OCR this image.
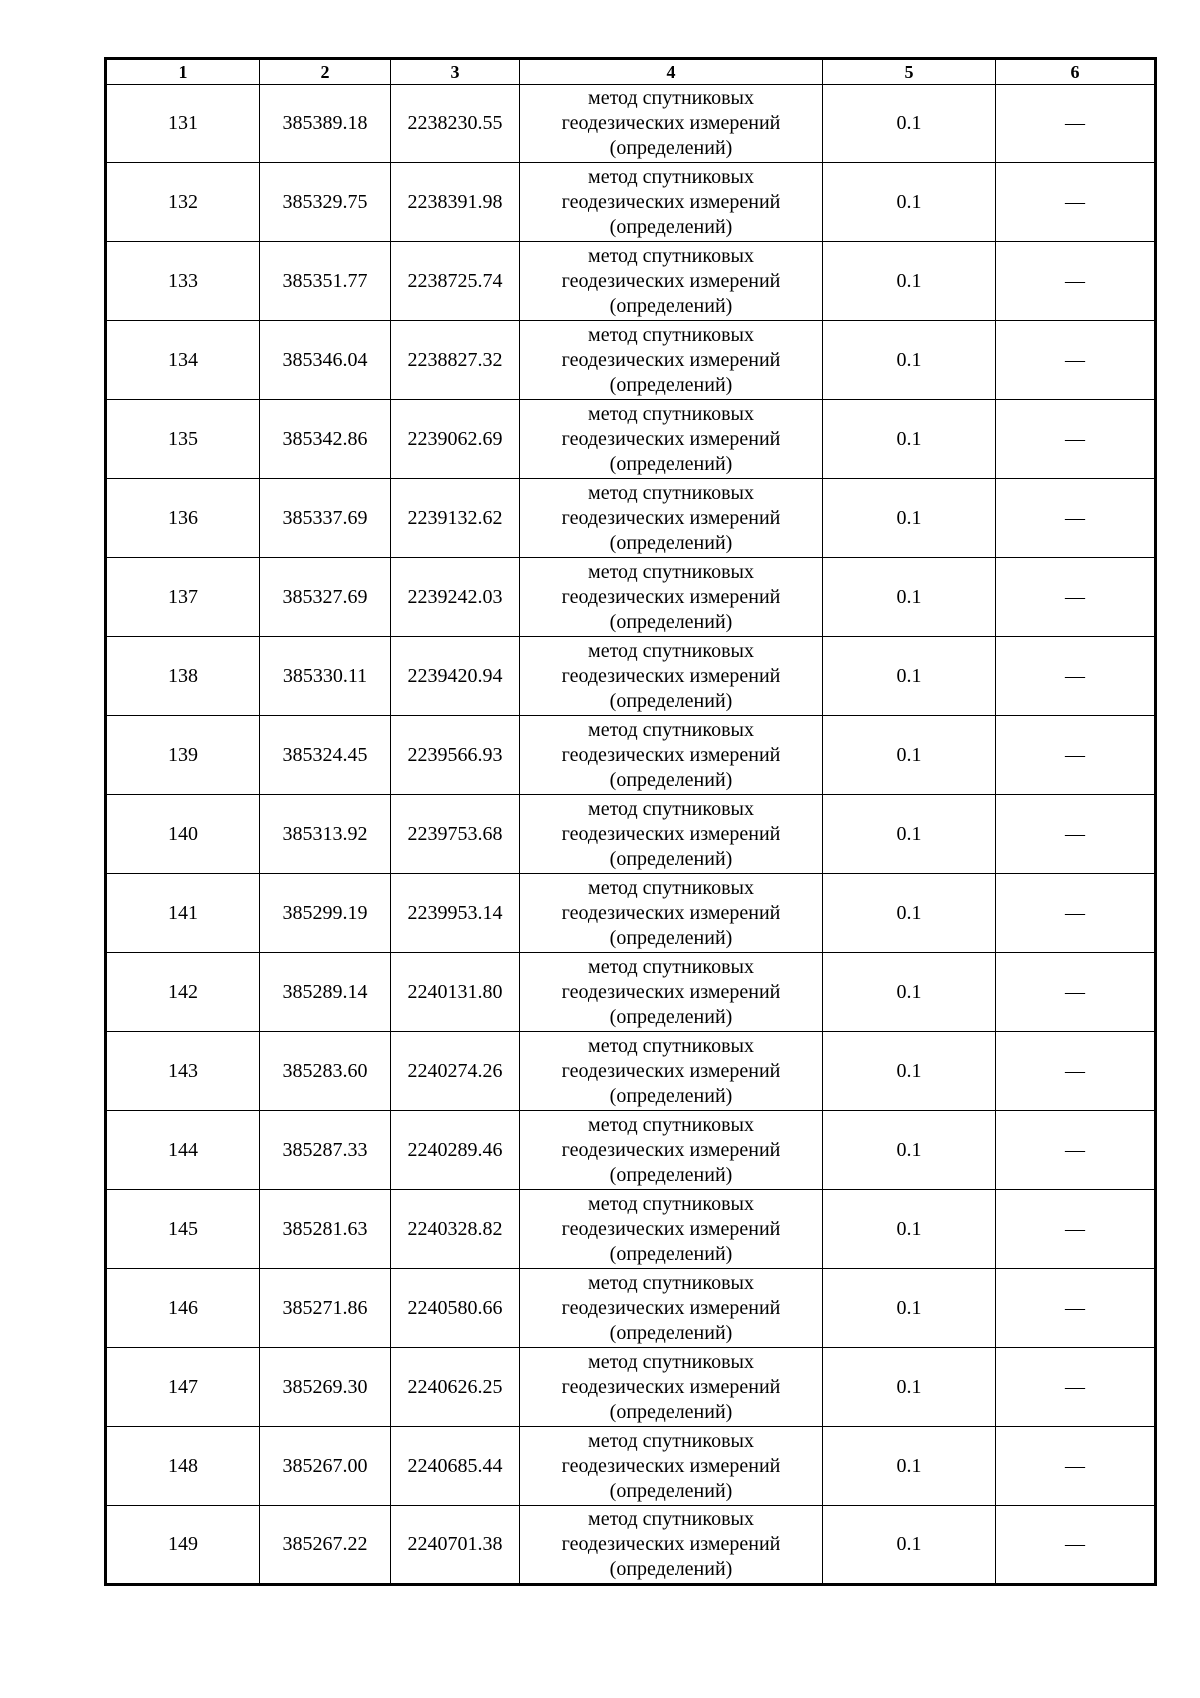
1	2	3	4	5	6
131	385389.18	2238230.55	метод спутниковых
геодезических измерений
(определений)	0.1	—
132	385329.75	2238391.98	метод спутниковых
геодезических измерений
(определений)	0.1	—
133	385351.77	2238725.74	метод спутниковых
геодезических измерений
(определений)	0.1	—
134	385346.04	2238827.32	метод спутниковых
геодезических измерений
(определений)	0.1	—
135	385342.86	2239062.69	метод спутниковых
геодезических измерений
(определений)	0.1	—
136	385337.69	2239132.62	метод спутниковых
геодезических измерений
(определений)	0.1	—
137	385327.69	2239242.03	метод спутниковых
геодезических измерений
(определений)	0.1	—
138	385330.11	2239420.94	метод спутниковых
геодезических измерений
(определений)	0.1	—
139	385324.45	2239566.93	метод спутниковых
геодезических измерений
(определений)	0.1	—
140	385313.92	2239753.68	метод спутниковых
геодезических измерений
(определений)	0.1	—
141	385299.19	2239953.14	метод спутниковых
геодезических измерений
(определений)	0.1	—
142	385289.14	2240131.80	метод спутниковых
геодезических измерений
(определений)	0.1	—
143	385283.60	2240274.26	метод спутниковых
геодезических измерений
(определений)	0.1	—
144	385287.33	2240289.46	метод спутниковых
геодезических измерений
(определений)	0.1	—
145	385281.63	2240328.82	метод спутниковых
геодезических измерений
(определений)	0.1	—
146	385271.86	2240580.66	метод спутниковых
геодезических измерений
(определений)	0.1	—
147	385269.30	2240626.25	метод спутниковых
геодезических измерений
(определений)	0.1	—
148	385267.00	2240685.44	метод спутниковых
геодезических измерений
(определений)	0.1	—
149	385267.22	2240701.38	метод спутниковых
геодезических измерений
(определений)	0.1	—
